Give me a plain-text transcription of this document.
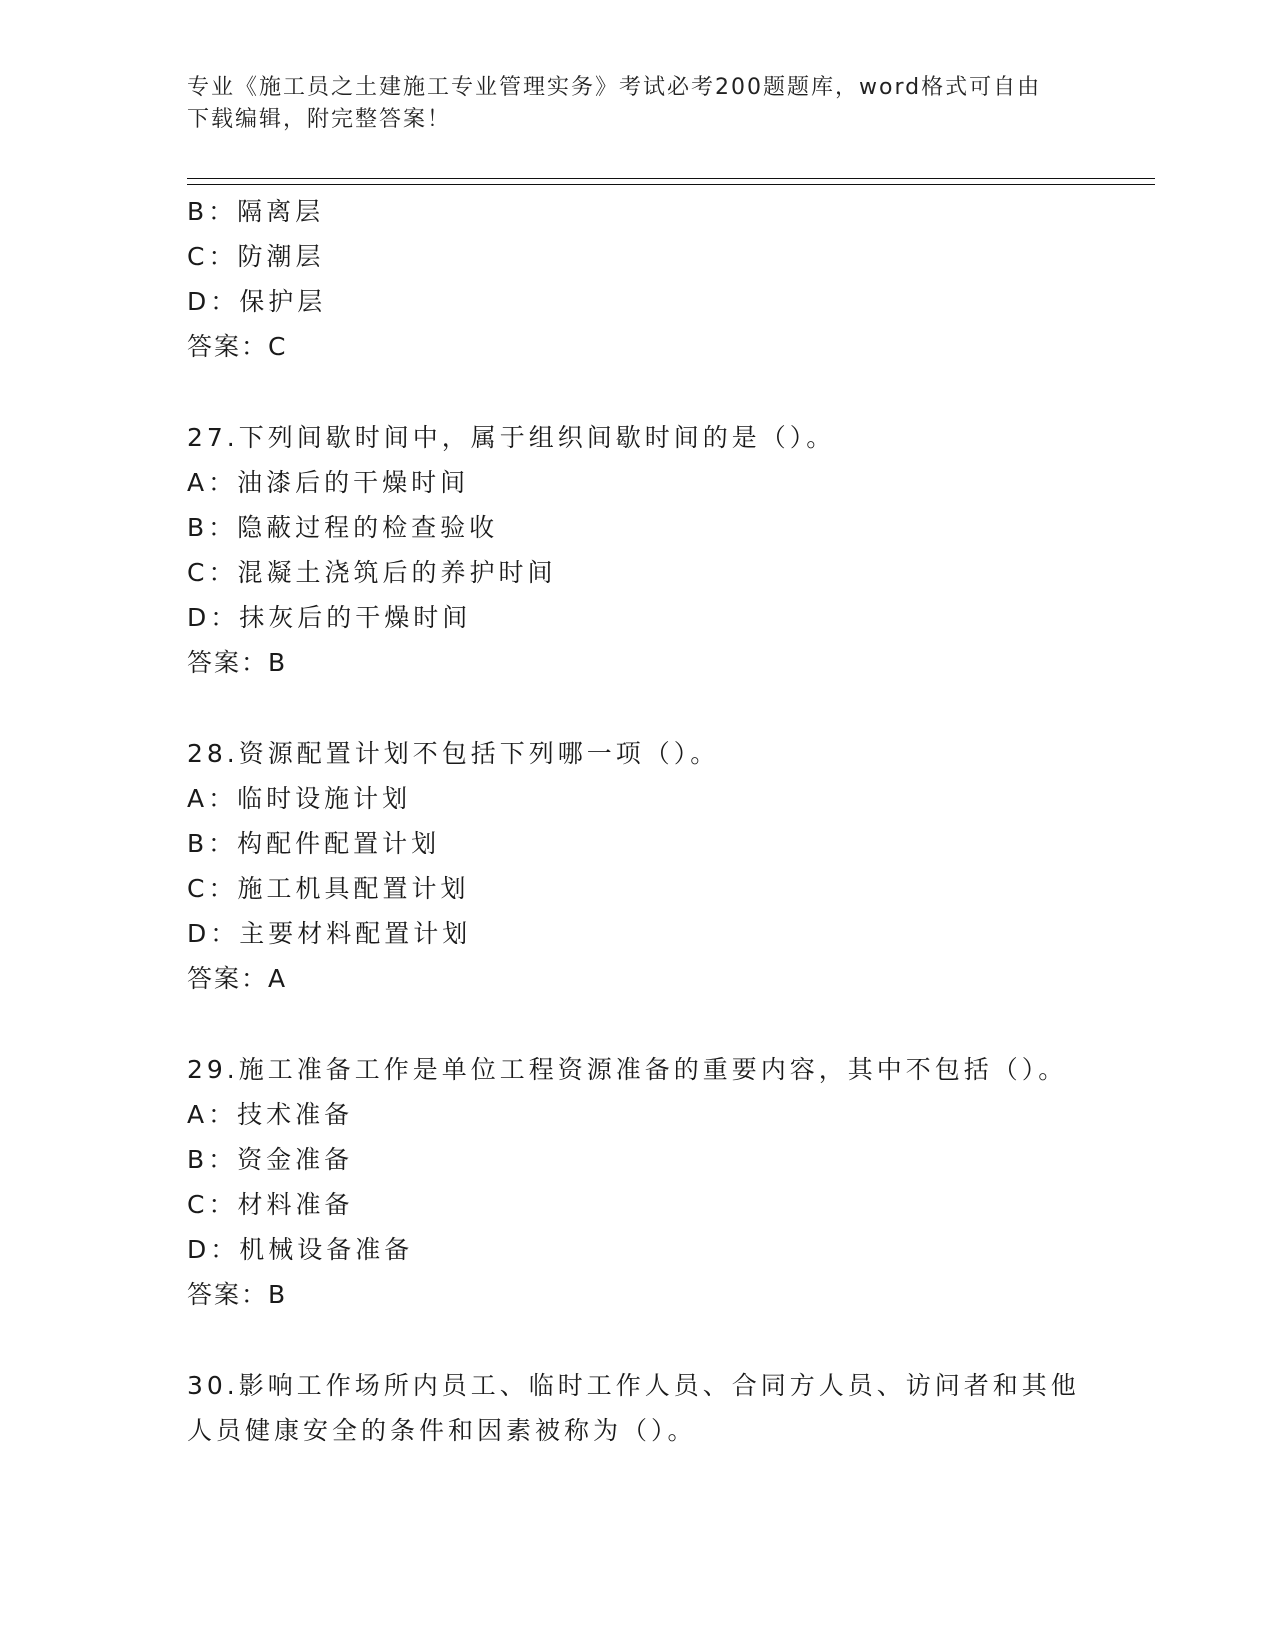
专业《施工员之土建施工专业管理实务》考试必考200题题库，word格式可自由
下载编辑，附完整答案！

B：隔离层

C：防潮层

D：保护层

答案：C

27.下列间歇时间中，属于组织间歇时间的是（）。

A：油漆后的干燥时间

B：隐蔽过程的检查验收

C：混凝土浇筑后的养护时间

D：抹灰后的干燥时间

答案：B

28.资源配置计划不包括下列哪一项（）。

A：临时设施计划

B：构配件配置计划

C：施工机具配置计划

D：主要材料配置计划

答案：A

29.施工准备工作是单位工程资源准备的重要内容，其中不包括（）。

A：技术准备

B：资金准备

C：材料准备

D：机械设备准备

答案：B

30.影响工作场所内员工、临时工作人员、合同方人员、访问者和其他

人员健康安全的条件和因素被称为（）。
